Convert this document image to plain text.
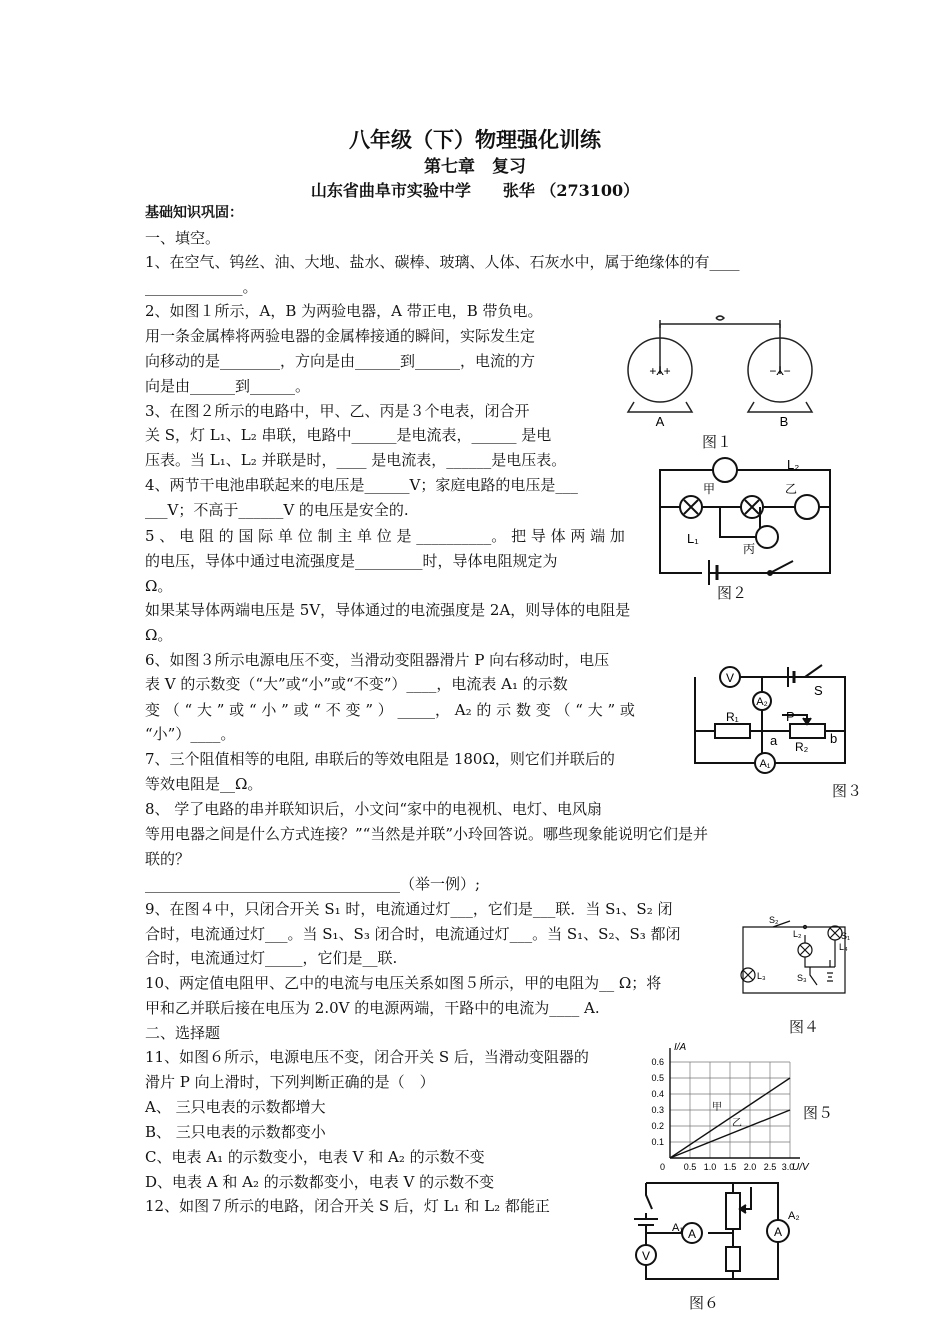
八年级（下）物理强化训练
第七章　复习
山东省曲阜市实验中学　　张华 （273100）
基础知识巩固：
一、填空。
1、在空气、钨丝、油、大地、盐水、碳棒、玻璃、人体、石灰水中，属于绝缘体的有____
_____________。
2、如图１所示，A，B 为两验电器，A 带正电，B 带负电。
用一条金属棒将两验电器的金属棒接通的瞬间，实际发生定
向移动的是________，方向是由______到______，电流的方
向是由______到______。
3、在图２所示的电路中，甲、乙、丙是３个电表，闭合开
关 S，灯 L₁、L₂ 串联，电路中______是电流表，______ 是电
压表。当 L₁、L₂ 并联是时，____ 是电流表，______是电压表。
4、两节干电池串联起来的电压是______V；家庭电路的电压是___
___V；不高于______V 的电压是安全的.
5 、 电 阻 的 国 际 单 位 制 主 单 位 是 __________。 把 导 体 两 端 加
的电压，导体中通过电流强度是_________时，导体电阻规定为
Ω。
如果某导体两端电压是 5V，导体通过的电流强度是 2A，则导体的电阻是
Ω。
6、如图３所示电源电压不变，当滑动变阻器滑片 P 向右移动时，电压
表 V 的示数变（“大”或“小”或“不变”）____，电流表 A₁ 的示数
变 （ “ 大 ” 或 “ 小 ” 或 “ 不 变 ” ） _____， A₂ 的 示 数 变 （ “ 大 ” 或
“小”）____。
7、三个阻值相等的电阻, 串联后的等效电阻是 180Ω，则它们并联后的
等效电阻是__Ω。
8、 学了电路的串并联知识后，小文问“家中的电视机、电灯、电风扇
等用电器之间是什么方式连接？”“当然是并联”小玲回答说。哪些现象能说明它们是并
联的？
__________________________________（举一例）;
9、在图４中，只闭合开关 S₁ 时，电流通过灯___，它们是___联．当 S₁、S₂ 闭
合时，电流通过灯___。当 S₁、S₃ 闭合时，电流通过灯___。当 S₁、S₂、S₃ 都闭
合时，电流通过灯_____，它们是__联.
10、两定值电阻甲、乙中的电流与电压关系如图５所示，甲的电阻为__ Ω；将
甲和乙并联后接在电压为 2.0V 的电源两端，干路中的电流为____ A.
二、选择题
11、如图６所示，电源电压不变，闭合开关 S 后，当滑动变阻器的
滑片 P 向上滑时，下列判断正确的是（　）
A、 三只电表的示数都增大
B、 三只电表的示数都变小
C、电表 A₁ 的示数变小，电表 V 和 A₂ 的示数不变
D、电表 A 和 A₂ 的示数都变小，电表 V 的示数不变
12、如图７所示的电路，闭合开关 S 后，灯 L₁ 和 L₂ 都能正
+⅄+	−⅄−
A	B
图１
L₂
甲	乙
L₁
丙
图２
V
A₂
A₁
S
R₁
R₂
P
a	b
图３
S₂
L₂
L₄
S₁
L₃	S₃
图４
I/A
U/V
0.6
0.5
0.4
0.3
0.2
0.1
0 0.5 1.0 1.5 2.0 2.5 3.0
甲
乙
图５
V
A	A
A₁
A₂
图６
